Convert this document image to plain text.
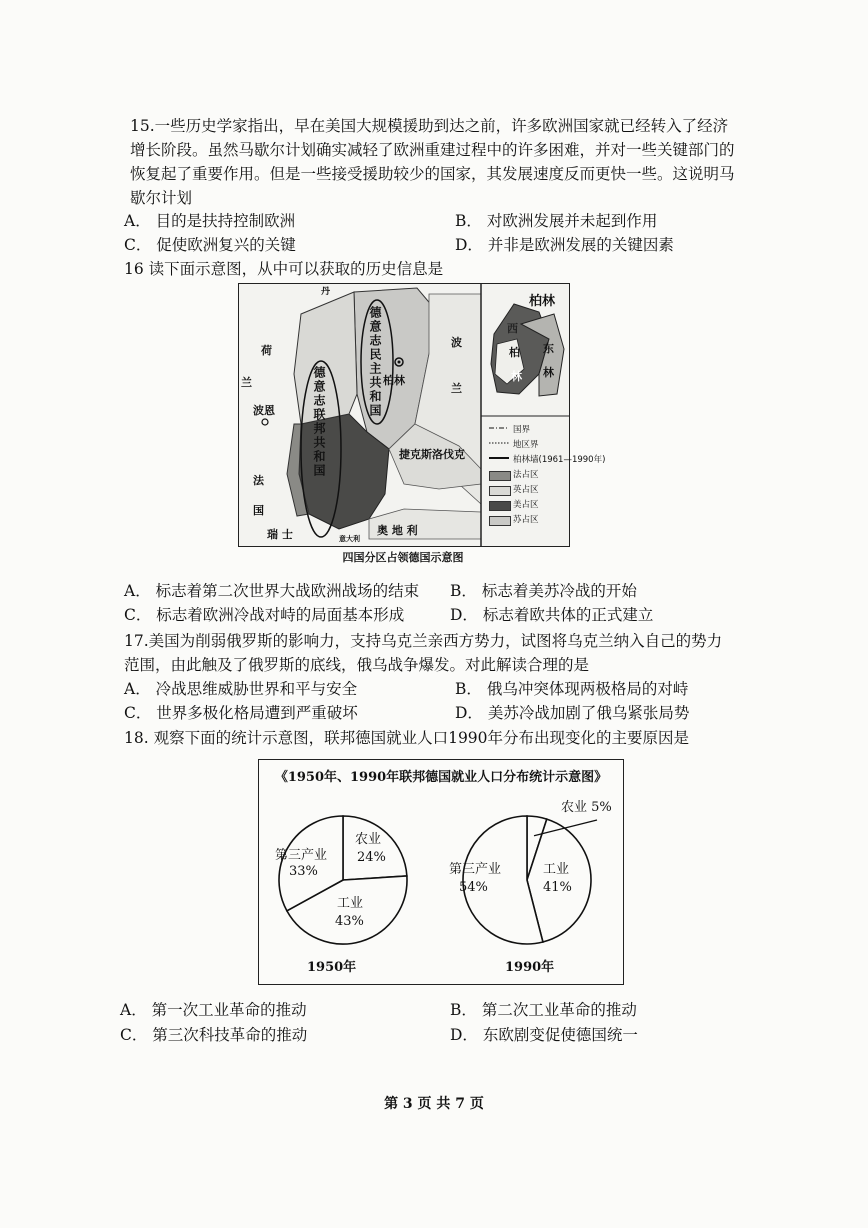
15.一些历史学家指出，早在美国大规模援助到达之前，许多欧洲国家就已经转入了经济
增长阶段。虽然马歇尔计划确实减轻了欧洲重建过程中的许多困难，并对一些关键部门的
恢复起了重要作用。但是一些接受援助较少的国家，其发展速度反而更快一些。这说明马
歇尔计划
A． 目的是扶持控制欧洲	B． 对欧洲发展并未起到作用
C． 促使欧洲复兴的关键	D． 并非是欧洲发展的关键因素
16 读下面示意图，从中可以获取的历史信息是
丹
荷
兰
波恩	德意志联邦共和国
德意志民主共和国 柏林
波
兰
捷克斯洛伐克
法
国
瑞 士	奥 地 利
意大利
柏林
西
柏
林
东
林
国界
地区界
柏林墙(1961—1990年)
法占区
英占区
美占区
苏占区
四国分区占领德国示意图
A． 标志着第二次世界大战欧洲战场的结束 B． 标志着美苏冷战的开始
C． 标志着欧洲冷战对峙的局面基本形成	D． 标志着欧共体的正式建立
17.美国为削弱俄罗斯的影响力，支持乌克兰亲西方势力，试图将乌克兰纳入自己的势力
范围，由此触及了俄罗斯的底线，俄乌战争爆发。对此解读合理的是
A． 冷战思维威胁世界和平与安全	B． 俄乌冲突体现两极格局的对峙
C． 世界多极化格局遭到严重破坏	D． 美苏冷战加剧了俄乌紧张局势
18. 观察下面的统计示意图，联邦德国就业人口1990年分布出现变化的主要原因是
《1950年、1990年联邦德国就业人口分布统计示意图》
第三产业
33%
农业
24%
工业
43%
1950年
农业 5%
第三产业
54%
工业
41%
1990年
A． 第一次工业革命的推动	B． 第二次工业革命的推动
C． 第三次科技革命的推动	D． 东欧剧变促使德国统一
第 3 页 共 7 页
